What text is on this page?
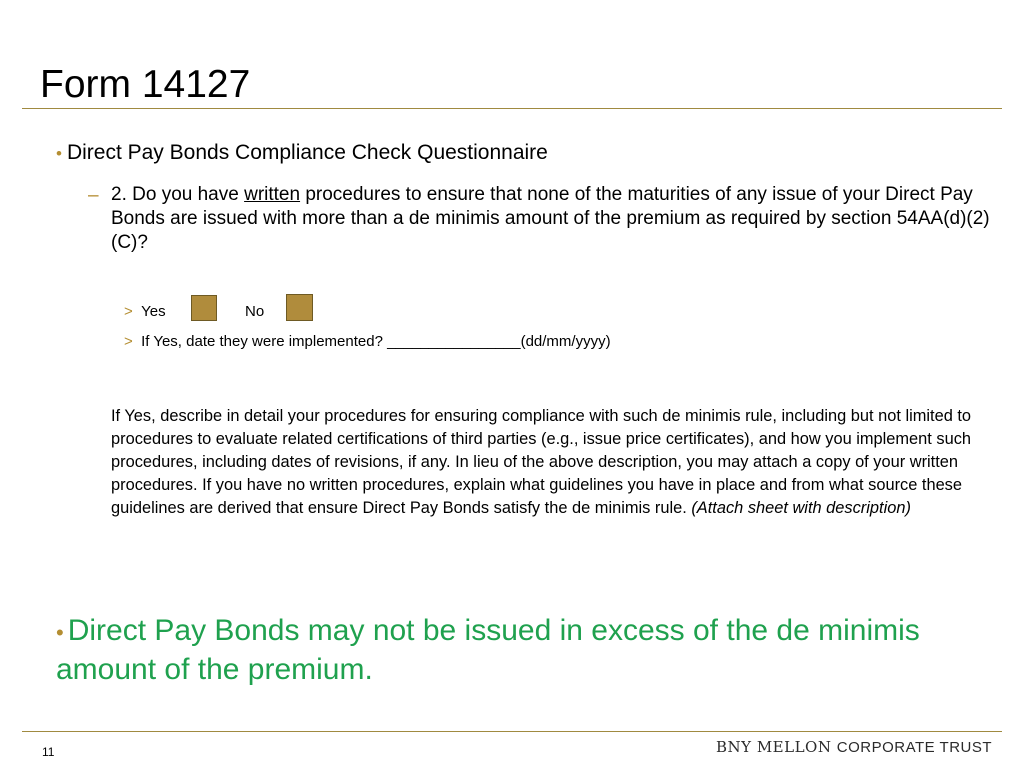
Form 14127
• Direct Pay Bonds Compliance Check Questionnaire
– 2. Do you have written procedures to ensure that none of the maturities of any issue of your Direct Pay Bonds are issued with more than a de minimis amount of the premium as required by section 54AA(d)(2)(C)?
> Yes	No
> If Yes, date they were implemented? ________________(dd/mm/yyyy)
If Yes, describe in detail your procedures for ensuring compliance with such de minimis rule, including but not limited to procedures to evaluate related certifications of third parties (e.g., issue price certificates), and how you implement such procedures, including dates of revisions, if any. In lieu of the above description, you may attach a copy of your written procedures. If you have no written procedures, explain what guidelines you have in place and from what source these guidelines are derived that ensure Direct Pay Bonds satisfy the de minimis rule. (Attach sheet with description)
• Direct Pay Bonds may not be issued in excess of the de minimis amount of the premium.
11	BNY MELLON CORPORATE TRUST
